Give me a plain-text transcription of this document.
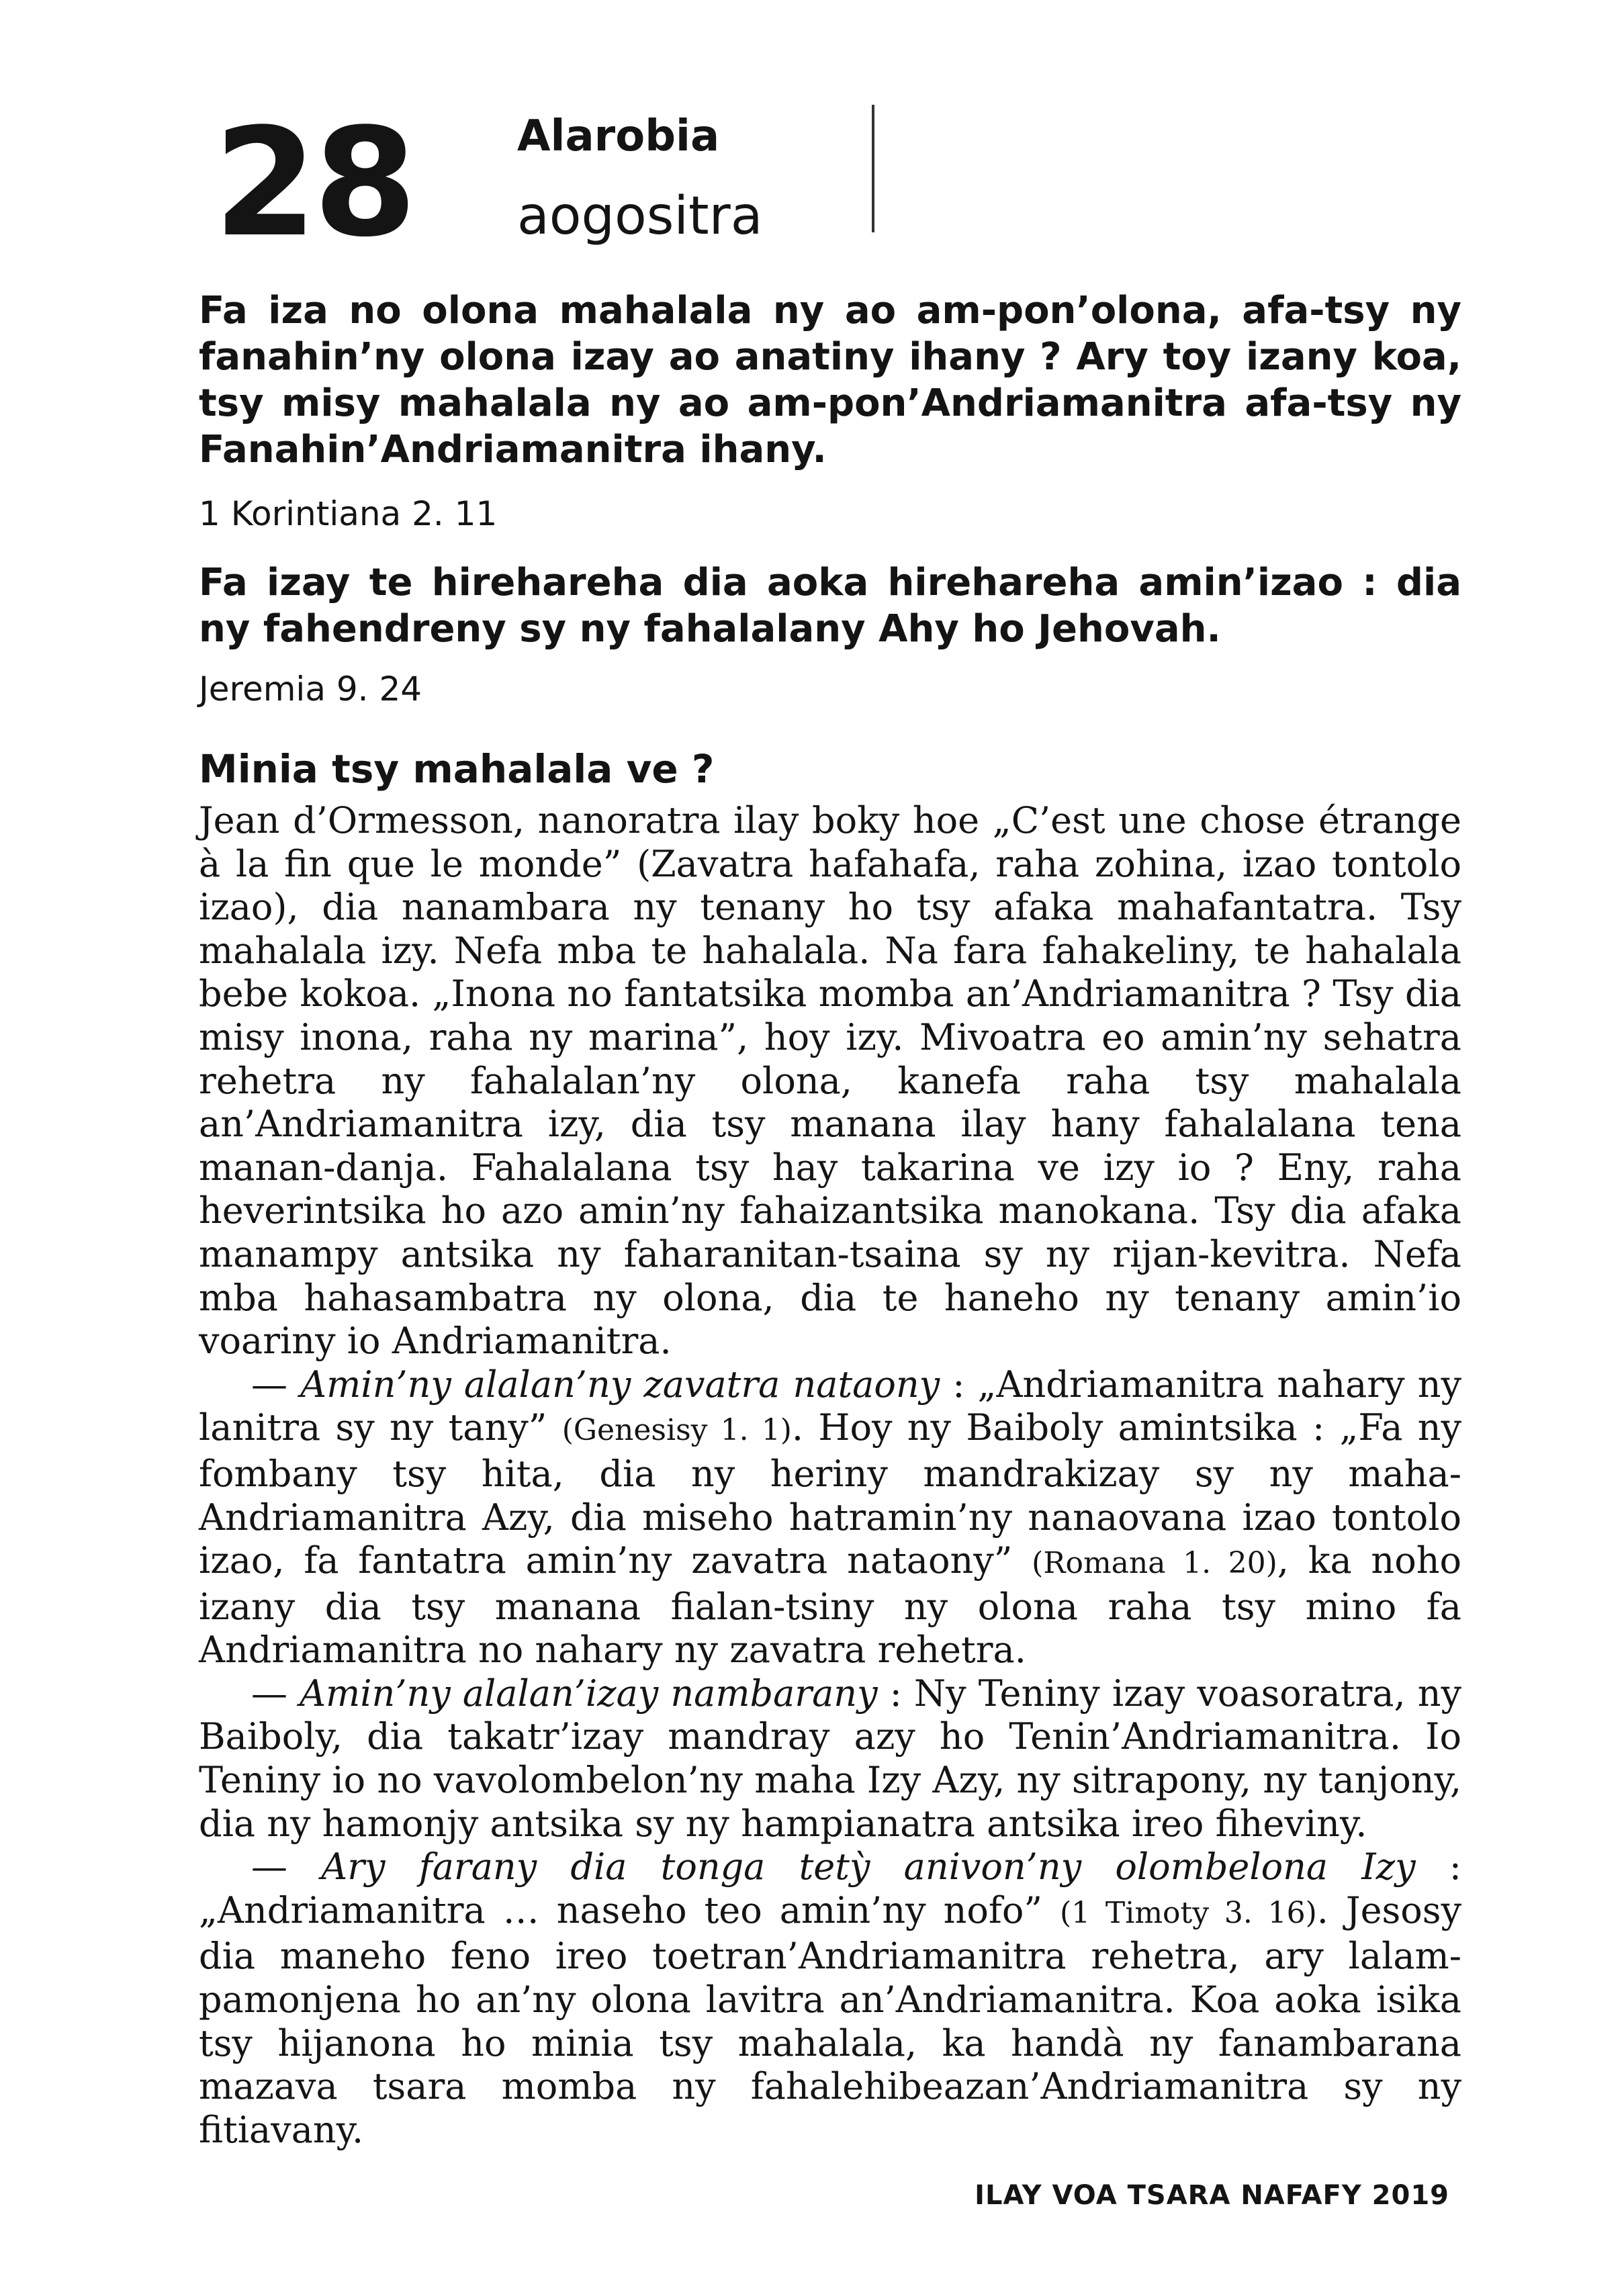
28 Alarobia
aogositra

Fa iza no olona mahalala ny ao am-pon’olona, afa-tsy ny fanahin’ny olona izay ao anatiny ihany ? Ary toy izany koa, tsy misy mahalala ny ao am-pon’Andriamanitra afa-tsy ny Fanahin’Andriamanitra ihany.

1 Korintiana 2. 11

Fa izay te hirehareha dia aoka hirehareha amin’izao : dia ny fahendreny sy ny fahalalany Ahy ho Jehovah.

Jeremia 9. 24
Minia tsy mahalala ve ?

Jean d’Ormesson, nanoratra ilay boky hoe „C’est une chose étrange à la fin que le monde” (Zavatra hafahafa, raha zohina, izao tontolo izao), dia nanambara ny tenany ho tsy afaka mahafantatra. Tsy mahalala izy. Nefa mba te hahalala. Na fara fahakeliny, te hahalala bebe kokoa. „Inona no fantatsika momba an’Andriamanitra ? Tsy dia misy inona, raha ny marina”, hoy izy. Mivoatra eo amin’ny sehatra rehetra ny fahalalan’ny olona, kanefa raha tsy mahalala an’Andriamanitra izy, dia tsy manana ilay hany fahalalana tena manan-danja. Fahalalana tsy hay takarina ve izy io ? Eny, raha heverintsika ho azo amin’ny fahaizantsika manokana. Tsy dia afaka manampy antsika ny faharanitan-tsaina sy ny rijan-kevitra. Nefa mba hahasambatra ny olona, dia te haneho ny tenany amin’io voariny io Andriamanitra.

— Amin’ny alalan’ny zavatra nataony : „Andriamanitra nahary ny lanitra sy ny tany” (Genesisy 1. 1). Hoy ny Baiboly amintsika : „Fa ny fombany tsy hita, dia ny heriny mandrakizay sy ny maha-Andriamanitra Azy, dia miseho hatramin’ny nanaovana izao tontolo izao, fa fantatra amin’ny zavatra nataony” (Romana 1. 20), ka noho izany dia tsy manana fialan-tsiny ny olona raha tsy mino fa Andriamanitra no nahary ny zavatra rehetra.

— Amin’ny alalan’izay nambarany : Ny Teniny izay voasoratra, ny Baiboly, dia takatr’izay mandray azy ho Tenin’Andriamanitra. Io Teniny io no vavolombelon’ny maha Izy Azy, ny sitrapony, ny tanjony, dia ny hamonjy antsika sy ny hampianatra antsika ireo fiheviny.

— Ary farany dia tonga tetỳ anivon’ny olombelona Izy : „Andriamanitra … naseho teo amin’ny nofo” (1 Timoty 3. 16). Jesosy dia maneho feno ireo toetran’Andriamanitra rehetra, ary lalam-pamonjena ho an’ny olona lavitra an’Andriamanitra. Koa aoka isika tsy hijanona ho minia tsy mahalala, ka handà ny fanambarana mazava tsara momba ny fahalehibeazan’Andriamanitra sy ny fitiavany.

ILAY VOA TSARA NAFAFY 2019
